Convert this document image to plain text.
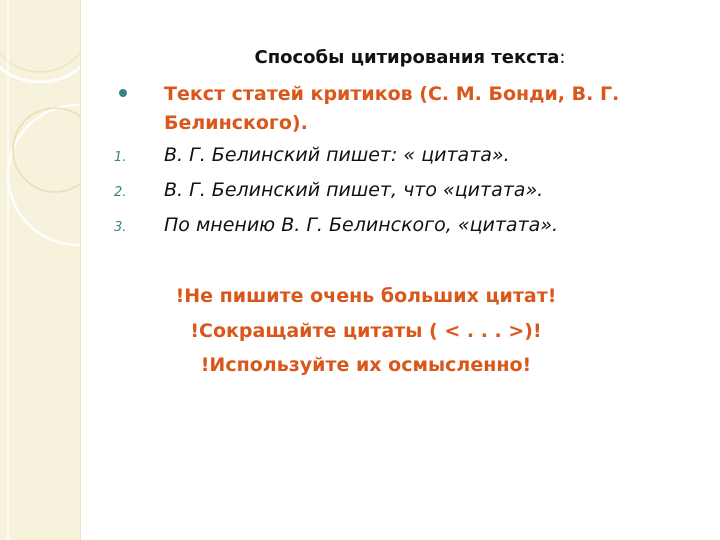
Способы цитирования текста:
Текст статей критиков (С. М. Бонди, В. Г. Белинского).
1. В. Г. Белинский пишет: « цитата».
2. В. Г. Белинский пишет, что «цитата».
3. По мнению В. Г. Белинского, «цитата».
!Не пишите очень больших цитат!
!Сокращайте цитаты ( < . . . >)!
!Используйте их осмысленно!
